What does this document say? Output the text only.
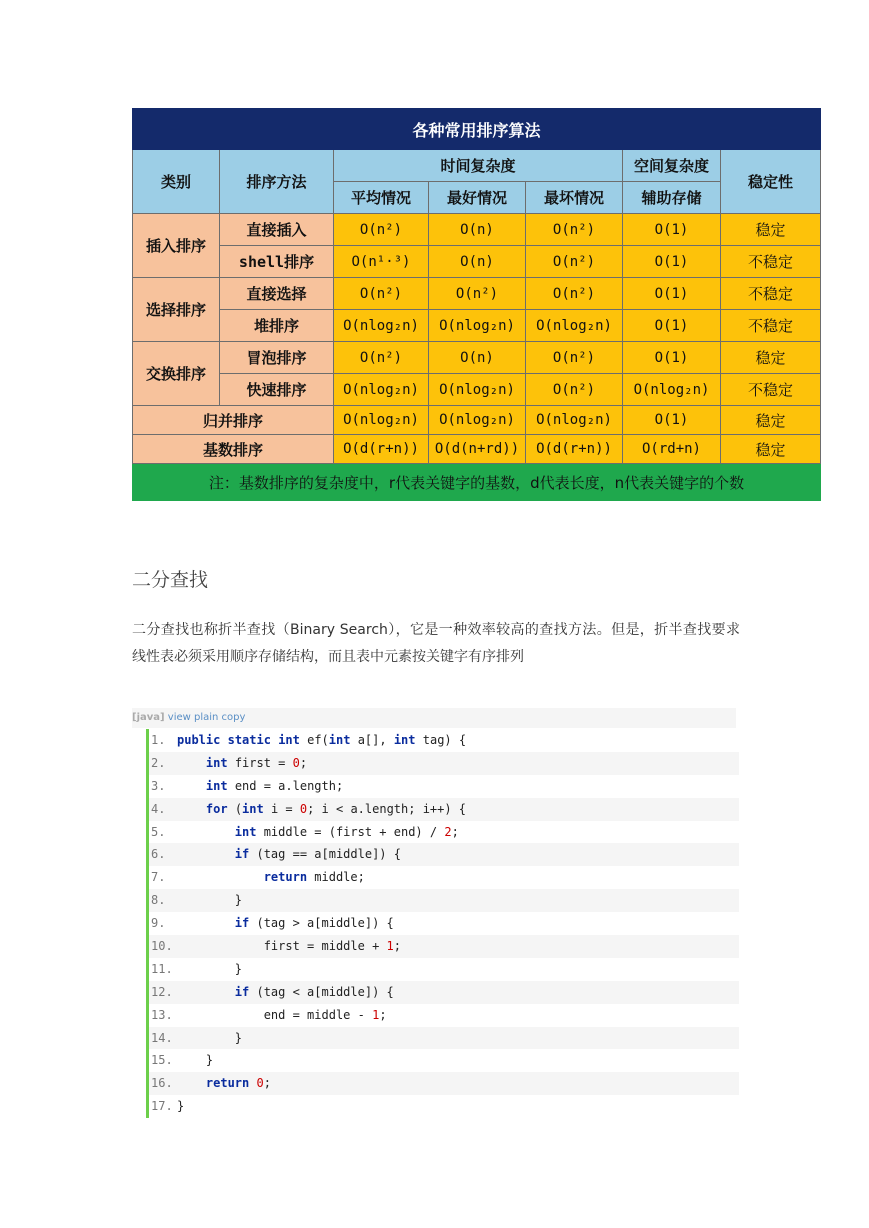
各种常用排序算法						
类别	排序方法	时间复杂度			空间复杂度	稳定性
		平均情况	最好情况	最坏情况	辅助存储	
插入排序	直接插入	O(n²)	O(n)	O(n²)	O(1)	稳定
	shell排序	O(n¹·³)	O(n)	O(n²)	O(1)	不稳定
选择排序	直接选择	O(n²)	O(n²)	O(n²)	O(1)	不稳定
	堆排序	O(nlog₂n)	O(nlog₂n)	O(nlog₂n)	O(1)	不稳定
交换排序	冒泡排序	O(n²)	O(n)	O(n²)	O(1)	稳定
	快速排序	O(nlog₂n)	O(nlog₂n)	O(n²)	O(nlog₂n)	不稳定
归并排序		O(nlog₂n)	O(nlog₂n)	O(nlog₂n)	O(1)	稳定
基数排序		O(d(r+n))	O(d(n+rd))	O(d(r+n))	O(rd+n)	稳定
注：基数排序的复杂度中，r代表关键字的基数，d代表长度，n代表关键字的个数						
二分查找

二分查找也称折半查找（Binary Search），它是一种效率较高的查找方法。但是，折半查找要求线性表必须采用顺序存储结构，而且表中元素按关键字有序排列

[java] view plain copy
1. public static int ef(int a[], int tag) {
2.	int first = 0;
3.	int end = a.length;
4.	for (int i = 0; i < a.length; i++) {
5.	int middle = (first + end) / 2;
6.	if (tag == a[middle]) {
7.	return middle;
8.        }
9.	if (tag > a[middle]) {
10.            first = middle + 1;
11.        }
12.	if (tag < a[middle]) {
13.            end = middle - 1;
14.        }
15.    }
16.	return 0;
17. }
